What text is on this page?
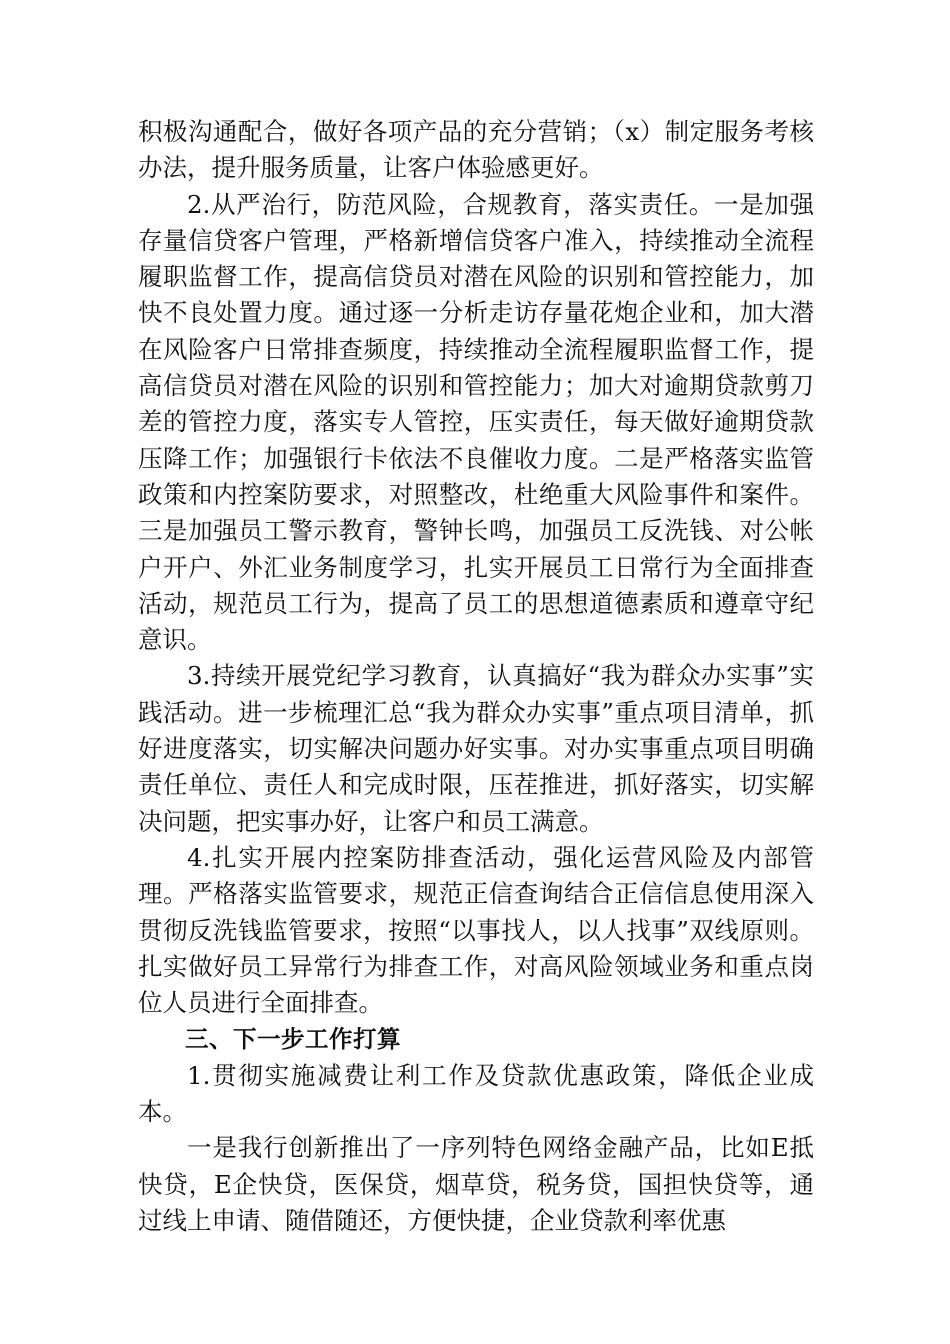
积极沟通配合，做好各项产品的充分营销；（x）制定服务考核办法，提升服务质量，让客户体验感更好。

2.从严治行，防范风险，合规教育，落实责任。一是加强存量信贷客户管理，严格新增信贷客户准入，持续推动全流程履职监督工作，提高信贷员对潜在风险的识别和管控能力，加快不良处置力度。通过逐一分析走访存量花炮企业和，加大潜在风险客户日常排查频度，持续推动全流程履职监督工作，提高信贷员对潜在风险的识别和管控能力；加大对逾期贷款剪刀差的管控力度，落实专人管控，压实责任，每天做好逾期贷款压降工作；加强银行卡依法不良催收力度。二是严格落实监管政策和内控案防要求，对照整改，杜绝重大风险事件和案件。三是加强员工警示教育，警钟长鸣，加强员工反洗钱、对公帐户开户、外汇业务制度学习，扎实开展员工日常行为全面排查活动，规范员工行为，提高了员工的思想道德素质和遵章守纪意识。

3.持续开展党纪学习教育，认真搞好“我为群众办实事”实践活动。进一步梳理汇总“我为群众办实事”重点项目清单，抓好进度落实，切实解决问题办好实事。对办实事重点项目明确责任单位、责任人和完成时限，压茬推进，抓好落实，切实解决问题，把实事办好，让客户和员工满意。

4.扎实开展内控案防排查活动，强化运营风险及内部管理。严格落实监管要求，规范正信查询结合正信信息使用深入贯彻反洗钱监管要求，按照“以事找人，以人找事”双线原则。扎实做好员工异常行为排查工作，对高风险领域业务和重点岗位人员进行全面排查。

三、下一步工作打算

1.贯彻实施减费让利工作及贷款优惠政策，降低企业成本。

一是我行创新推出了一序列特色网络金融产品，比如E抵快贷，E企快贷，医保贷，烟草贷，税务贷，国担快贷等，通过线上申请、随借随还，方便快捷，企业贷款利率优惠
